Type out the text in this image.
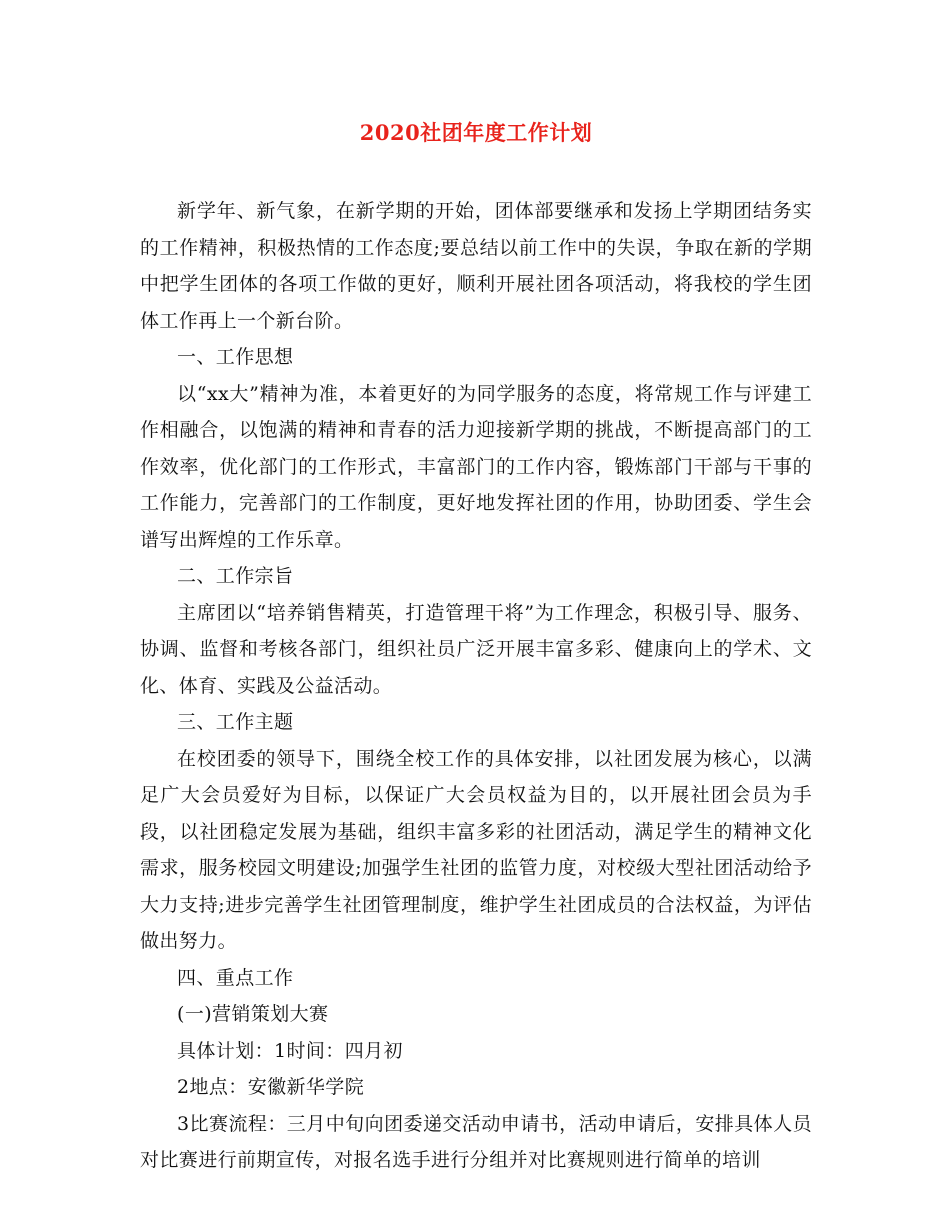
2020社团年度工作计划

新学年、新气象，在新学期的开始，团体部要继承和发扬上学期团结务实的工作精神，积极热情的工作态度;要总结以前工作中的失误，争取在新的学期中把学生团体的各项工作做的更好，顺利开展社团各项活动，将我校的学生团体工作再上一个新台阶。

一、工作思想

以“xx大”精神为准，本着更好的为同学服务的态度，将常规工作与评建工作相融合，以饱满的精神和青春的活力迎接新学期的挑战，不断提高部门的工作效率，优化部门的工作形式，丰富部门的工作内容，锻炼部门干部与干事的工作能力，完善部门的工作制度，更好地发挥社团的作用，协助团委、学生会谱写出辉煌的工作乐章。

二、工作宗旨

主席团以“培养销售精英，打造管理干将”为工作理念，积极引导、服务、协调、监督和考核各部门，组织社员广泛开展丰富多彩、健康向上的学术、文化、体育、实践及公益活动。

三、工作主题

在校团委的领导下，围绕全校工作的具体安排，以社团发展为核心，以满足广大会员爱好为目标，以保证广大会员权益为目的，以开展社团会员为手段，以社团稳定发展为基础，组织丰富多彩的社团活动，满足学生的精神文化需求，服务校园文明建设;加强学生社团的监管力度，对校级大型社团活动给予大力支持;进步完善学生社团管理制度，维护学生社团成员的合法权益，为评估做出努力。

四、重点工作

(一)营销策划大赛

具体计划：1时间：四月初

2地点：安徽新华学院

3比赛流程：三月中旬向团委递交活动申请书，活动申请后，安排具体人员对比赛进行前期宣传，对报名选手进行分组并对比赛规则进行简单的培训
